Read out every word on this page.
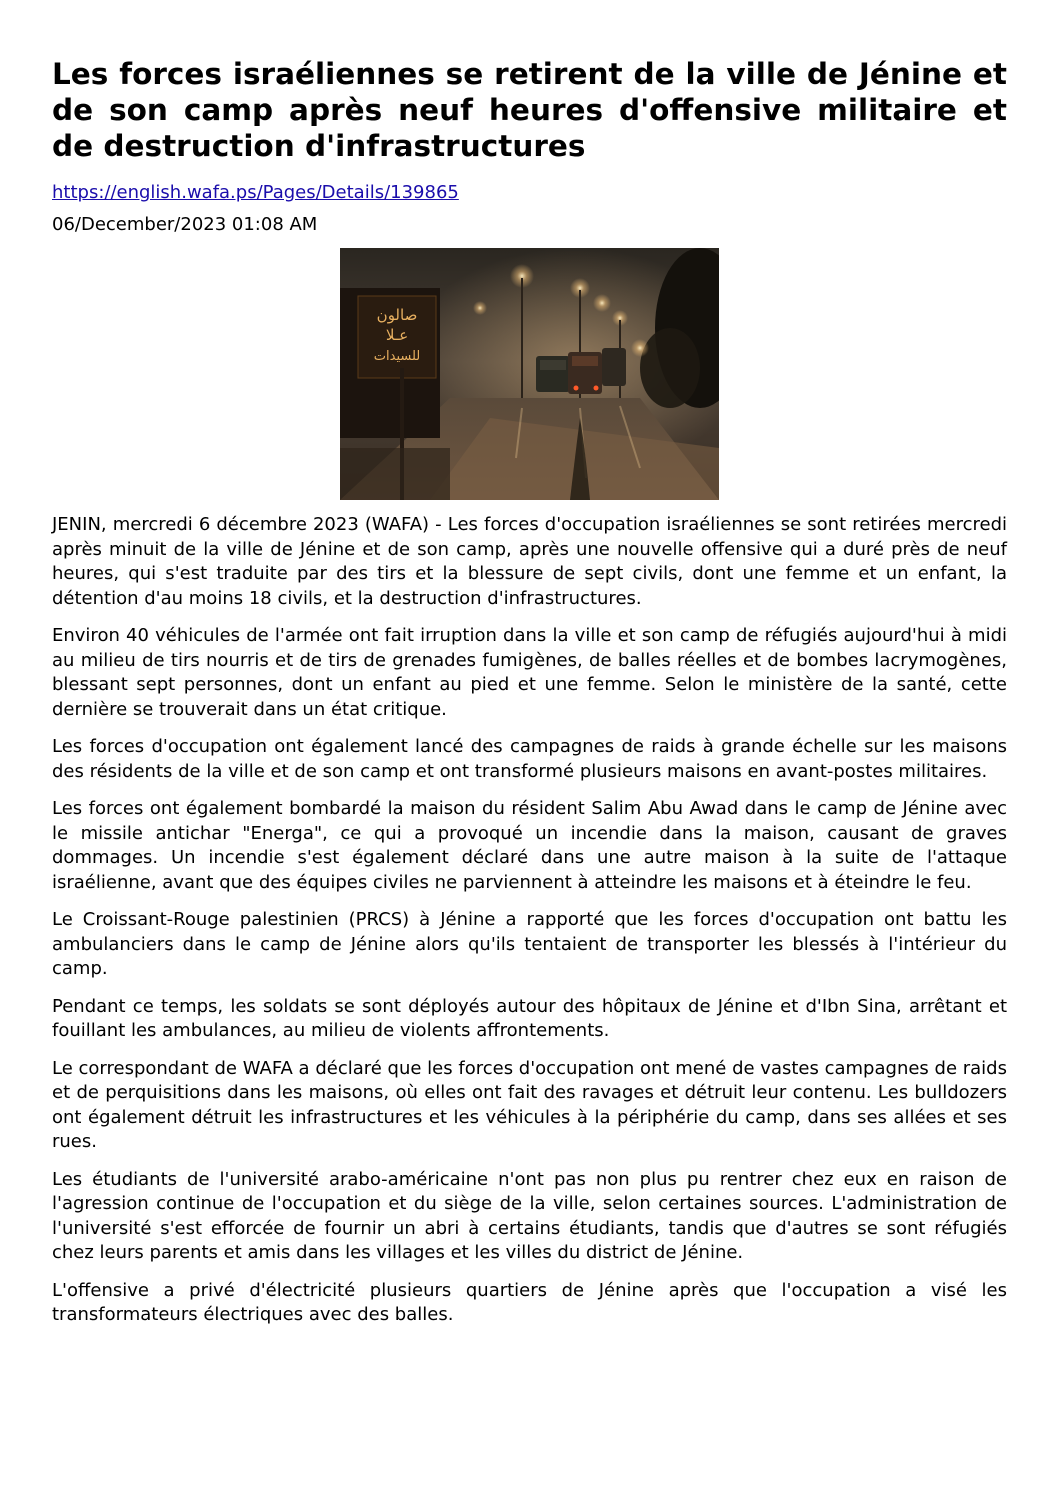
Les forces israéliennes se retirent de la ville de Jénine et de son camp après neuf heures d'offensive militaire et de destruction d'infrastructures
https://english.wafa.ps/Pages/Details/139865
06/December/2023 01:08 AM
صالون
عـلا
للسيدات

JENIN, mercredi 6 décembre 2023 (WAFA) - Les forces d'occupation israéliennes se sont retirées mercredi après minuit de la ville de Jénine et de son camp, après une nouvelle offensive qui a duré près de neuf heures, qui s'est traduite par des tirs et la blessure de sept civils, dont une femme et un enfant, la détention d'au moins 18 civils, et la destruction d'infrastructures.

Environ 40 véhicules de l'armée ont fait irruption dans la ville et son camp de réfugiés aujourd'hui à midi au milieu de tirs nourris et de tirs de grenades fumigènes, de balles réelles et de bombes lacrymogènes, blessant sept personnes, dont un enfant au pied et une femme. Selon le ministère de la santé, cette dernière se trouverait dans un état critique.

Les forces d'occupation ont également lancé des campagnes de raids à grande échelle sur les maisons des résidents de la ville et de son camp et ont transformé plusieurs maisons en avant-postes militaires.

Les forces ont également bombardé la maison du résident Salim Abu Awad dans le camp de Jénine avec le missile antichar "Energa", ce qui a provoqué un incendie dans la maison, causant de graves dommages. Un incendie s'est également déclaré dans une autre maison à la suite de l'attaque israélienne, avant que des équipes civiles ne parviennent à atteindre les maisons et à éteindre le feu.

Le Croissant-Rouge palestinien (PRCS) à Jénine a rapporté que les forces d'occupation ont battu les ambulanciers dans le camp de Jénine alors qu'ils tentaient de transporter les blessés à l'intérieur du camp.

Pendant ce temps, les soldats se sont déployés autour des hôpitaux de Jénine et d'Ibn Sina, arrêtant et fouillant les ambulances, au milieu de violents affrontements.

Le correspondant de WAFA a déclaré que les forces d'occupation ont mené de vastes campagnes de raids et de perquisitions dans les maisons, où elles ont fait des ravages et détruit leur contenu. Les bulldozers ont également détruit les infrastructures et les véhicules à la périphérie du camp, dans ses allées et ses rues.

Les étudiants de l'université arabo-américaine n'ont pas non plus pu rentrer chez eux en raison de l'agression continue de l'occupation et du siège de la ville, selon certaines sources. L'administration de l'université s'est efforcée de fournir un abri à certains étudiants, tandis que d'autres se sont réfugiés chez leurs parents et amis dans les villages et les villes du district de Jénine.

L'offensive a privé d'électricité plusieurs quartiers de Jénine après que l'occupation a visé les transformateurs électriques avec des balles.
